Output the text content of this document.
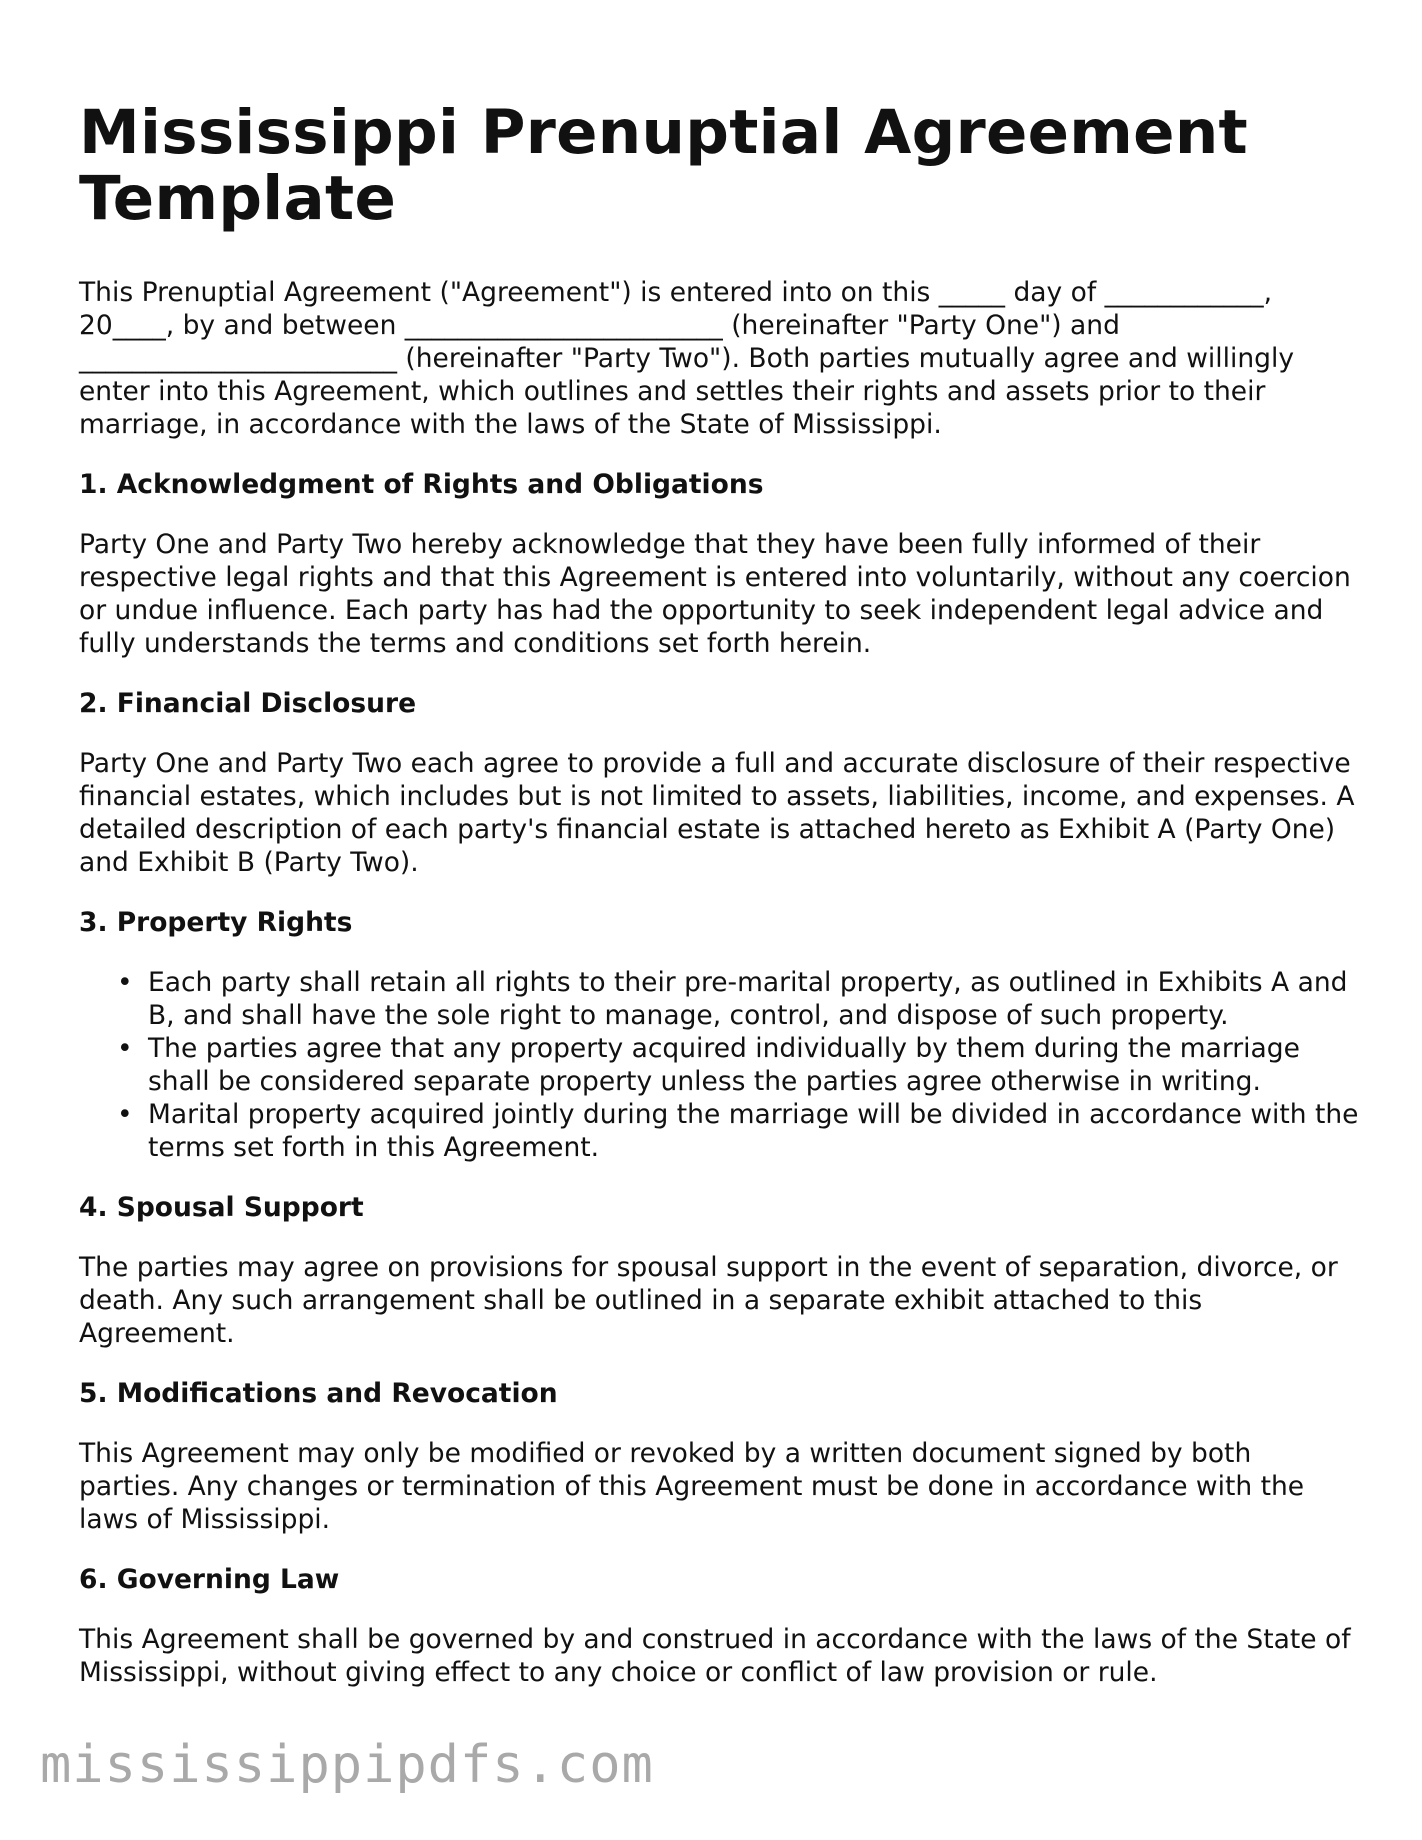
Mississippi Prenuptial Agreement Template

This Prenuptial Agreement ("Agreement") is entered into on this _____ day of ____________, 20____, by and between ________________________ (hereinafter "Party One") and ________________________ (hereinafter "Party Two"). Both parties mutually agree and willingly enter into this Agreement, which outlines and settles their rights and assets prior to their marriage, in accordance with the laws of the State of Mississippi.

1. Acknowledgment of Rights and Obligations

Party One and Party Two hereby acknowledge that they have been fully informed of their respective legal rights and that this Agreement is entered into voluntarily, without any coercion or undue influence. Each party has had the opportunity to seek independent legal advice and fully understands the terms and conditions set forth herein.

2. Financial Disclosure

Party One and Party Two each agree to provide a full and accurate disclosure of their respective financial estates, which includes but is not limited to assets, liabilities, income, and expenses. A detailed description of each party's financial estate is attached hereto as Exhibit A (Party One) and Exhibit B (Party Two).

3. Property Rights
• Each party shall retain all rights to their pre-marital property, as outlined in Exhibits A and B, and shall have the sole right to manage, control, and dispose of such property.
• The parties agree that any property acquired individually by them during the marriage shall be considered separate property unless the parties agree otherwise in writing.
• Marital property acquired jointly during the marriage will be divided in accordance with the terms set forth in this Agreement.
4. Spousal Support

The parties may agree on provisions for spousal support in the event of separation, divorce, or death. Any such arrangement shall be outlined in a separate exhibit attached to this Agreement.

5. Modifications and Revocation

This Agreement may only be modified or revoked by a written document signed by both parties. Any changes or termination of this Agreement must be done in accordance with the laws of Mississippi.

6. Governing Law

This Agreement shall be governed by and construed in accordance with the laws of the State of Mississippi, without giving effect to any choice or conflict of law provision or rule.

mississippipdfs.com
